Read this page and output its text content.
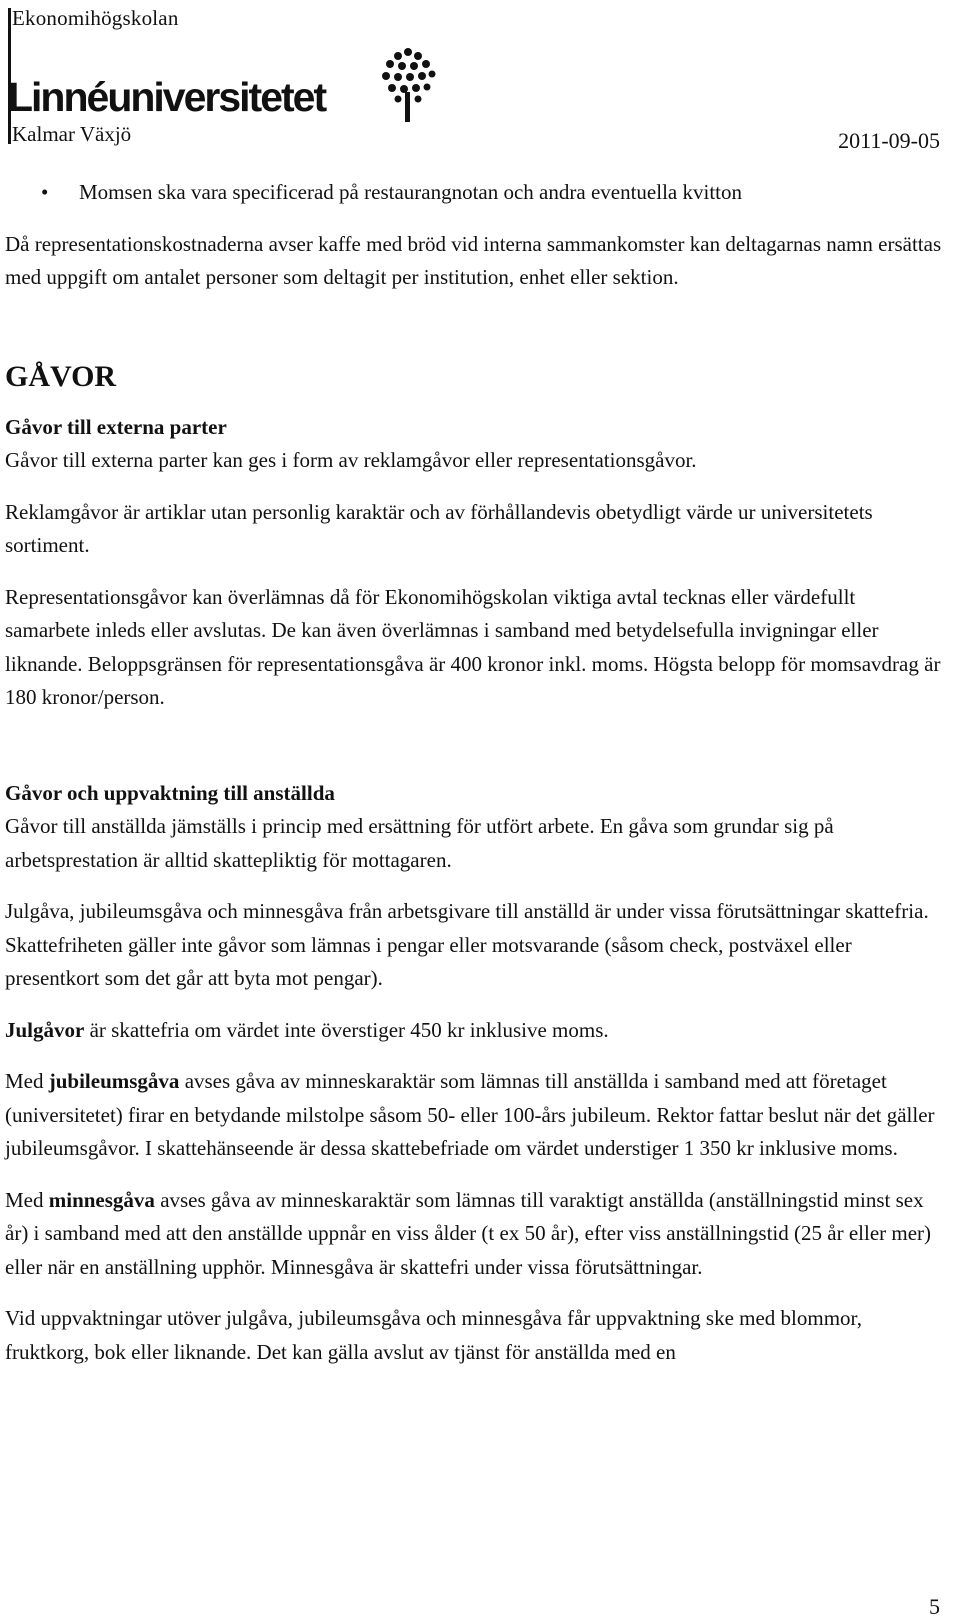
Ekonomihögskolan
Linnéuniversitetet
Kalmar Växjö	2011-09-05

• Momsen ska vara specificerad på restaurangnotan och andra eventuella kvitton

Då representationskostnaderna avser kaffe med bröd vid interna sammankomster kan deltagarnas namn ersättas med uppgift om antalet personer som deltagit per institution, enhet eller sektion.

GÅVOR

Gåvor till externa parter

Gåvor till externa parter kan ges i form av reklamgåvor eller representationsgåvor.

Reklamgåvor är artiklar utan personlig karaktär och av förhållandevis obetydligt värde ur universitetets sortiment.

Representationsgåvor kan överlämnas då för Ekonomihögskolan viktiga avtal tecknas eller värdefullt samarbete inleds eller avslutas. De kan även överlämnas i samband med betydelsefulla invigningar eller liknande. Beloppsgränsen för representationsgåva är 400 kronor inkl. moms. Högsta belopp för momsavdrag är 180 kronor/person.

Gåvor och uppvaktning till anställda

Gåvor till anställda jämställs i princip med ersättning för utfört arbete. En gåva som grundar sig på arbetsprestation är alltid skattepliktig för mottagaren.

Julgåva, jubileumsgåva och minnesgåva från arbetsgivare till anställd är under vissa förutsättningar skattefria. Skattefriheten gäller inte gåvor som lämnas i pengar eller motsvarande (såsom check, postväxel eller presentkort som det går att byta mot pengar).

Julgåvor är skattefria om värdet inte överstiger 450 kr inklusive moms.

Med jubileumsgåva avses gåva av minneskaraktär som lämnas till anställda i samband med att företaget (universitetet) firar en betydande milstolpe såsom 50- eller 100-års jubileum. Rektor fattar beslut när det gäller jubileumsgåvor. I skattehänseende är dessa skattebefriade om värdet understiger 1 350 kr inklusive moms.

Med minnesgåva avses gåva av minneskaraktär som lämnas till varaktigt anställda (anställningstid minst sex år) i samband med att den anställde uppnår en viss ålder (t ex 50 år), efter viss anställningstid (25 år eller mer) eller när en anställning upphör. Minnesgåva är skattefri under vissa förutsättningar.

Vid uppvaktningar utöver julgåva, jubileumsgåva och minnesgåva får uppvaktning ske med blommor, fruktkorg, bok eller liknande. Det kan gälla avslut av tjänst för anställda med en

5
